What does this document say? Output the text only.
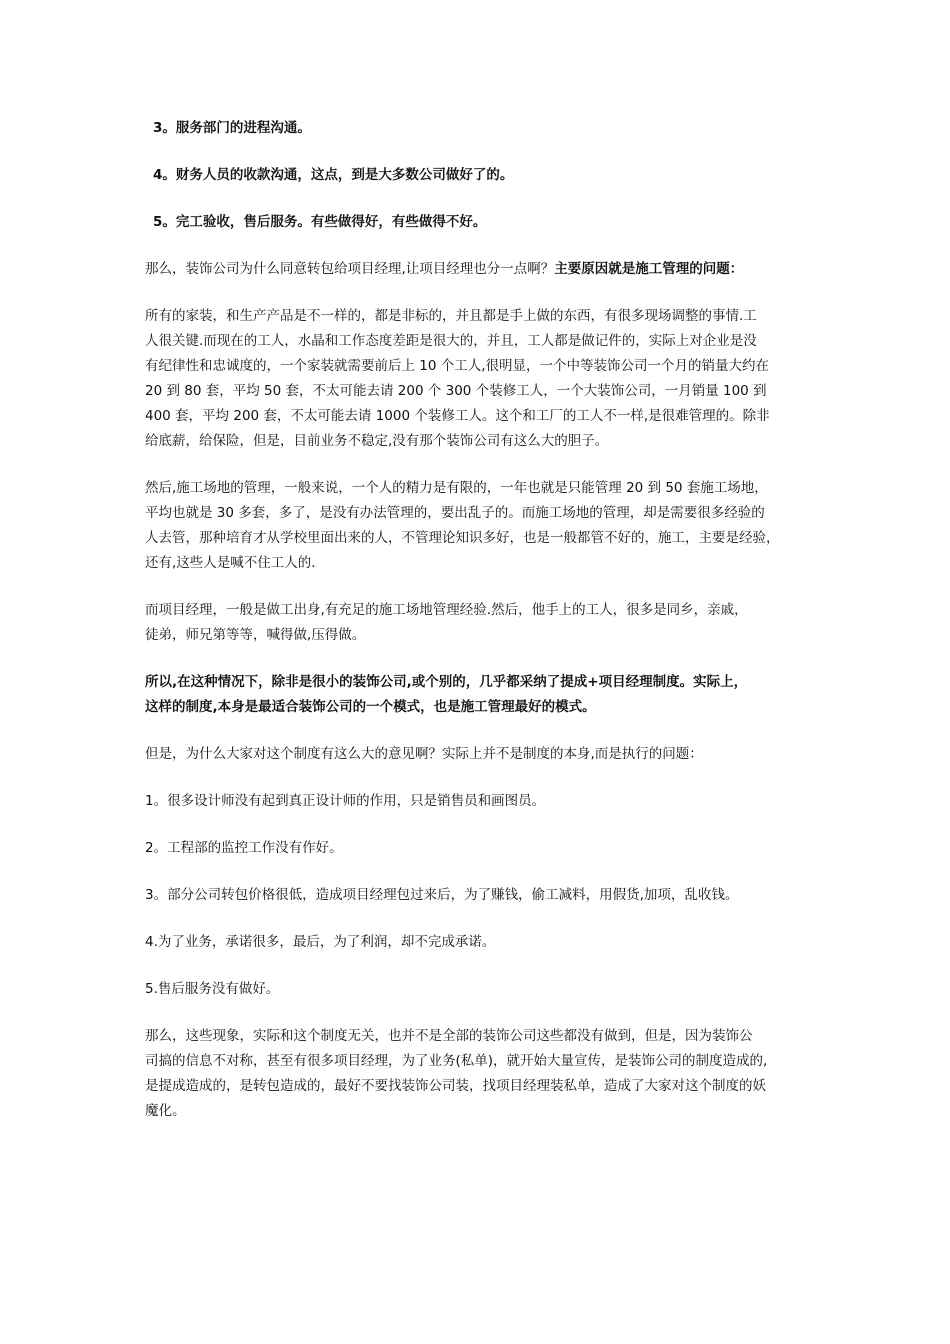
3。服务部门的进程沟通。

4。财务人员的收款沟通，这点，到是大多数公司做好了的。

5。完工验收，售后服务。有些做得好，有些做得不好。

那么，装饰公司为什么同意转包给项目经理,让项目经理也分一点啊？主要原因就是施工管理的问题：

所有的家装，和生产产品是不一样的，都是非标的，并且都是手上做的东西，有很多现场调整的事情.工
人很关键.而现在的工人，水晶和工作态度差距是很大的，并且，工人都是做记件的，实际上对企业是没
有纪律性和忠诚度的，一个家装就需要前后上 10 个工人,很明显，一个中等装饰公司一个月的销量大约在
20 到 80 套，平均 50 套，不太可能去请 200 个 300 个装修工人，一个大装饰公司，一月销量 100 到
400 套，平均 200 套，不太可能去请 1000 个装修工人。这个和工厂的工人不一样,是很难管理的。除非
给底薪，给保险，但是，目前业务不稳定,没有那个装饰公司有这么大的胆子。

然后,施工场地的管理，一般来说，一个人的精力是有限的，一年也就是只能管理 20 到 50 套施工场地，
平均也就是 30 多套，多了，是没有办法管理的，要出乱子的。而施工场地的管理，却是需要很多经验的
人去管，那种培育才从学校里面出来的人，不管理论知识多好，也是一般都管不好的，施工，主要是经验，
还有,这些人是喊不住工人的.

而项目经理，一般是做工出身,有充足的施工场地管理经验.然后，他手上的工人，很多是同乡，亲戚，
徒弟，师兄第等等，喊得做,压得做。

所以,在这种情况下，除非是很小的装饰公司,或个别的，几乎都采纳了提成+项目经理制度。实际上，
这样的制度,本身是最适合装饰公司的一个模式，也是施工管理最好的模式。

但是，为什么大家对这个制度有这么大的意见啊？实际上并不是制度的本身,而是执行的问题：

1。很多设计师没有起到真正设计师的作用，只是销售员和画图员。

2。工程部的监控工作没有作好。

3。部分公司转包价格很低，造成项目经理包过来后，为了赚钱，偷工减料，用假货,加项，乱收钱。

4.为了业务，承诺很多，最后，为了利润，却不完成承诺。

5.售后服务没有做好。

那么，这些现象，实际和这个制度无关，也并不是全部的装饰公司这些都没有做到，但是，因为装饰公
司搞的信息不对称，甚至有很多项目经理，为了业务(私单)，就开始大量宣传，是装饰公司的制度造成的,
是提成造成的，是转包造成的，最好不要找装饰公司装，找项目经理装私单，造成了大家对这个制度的妖
魔化。
